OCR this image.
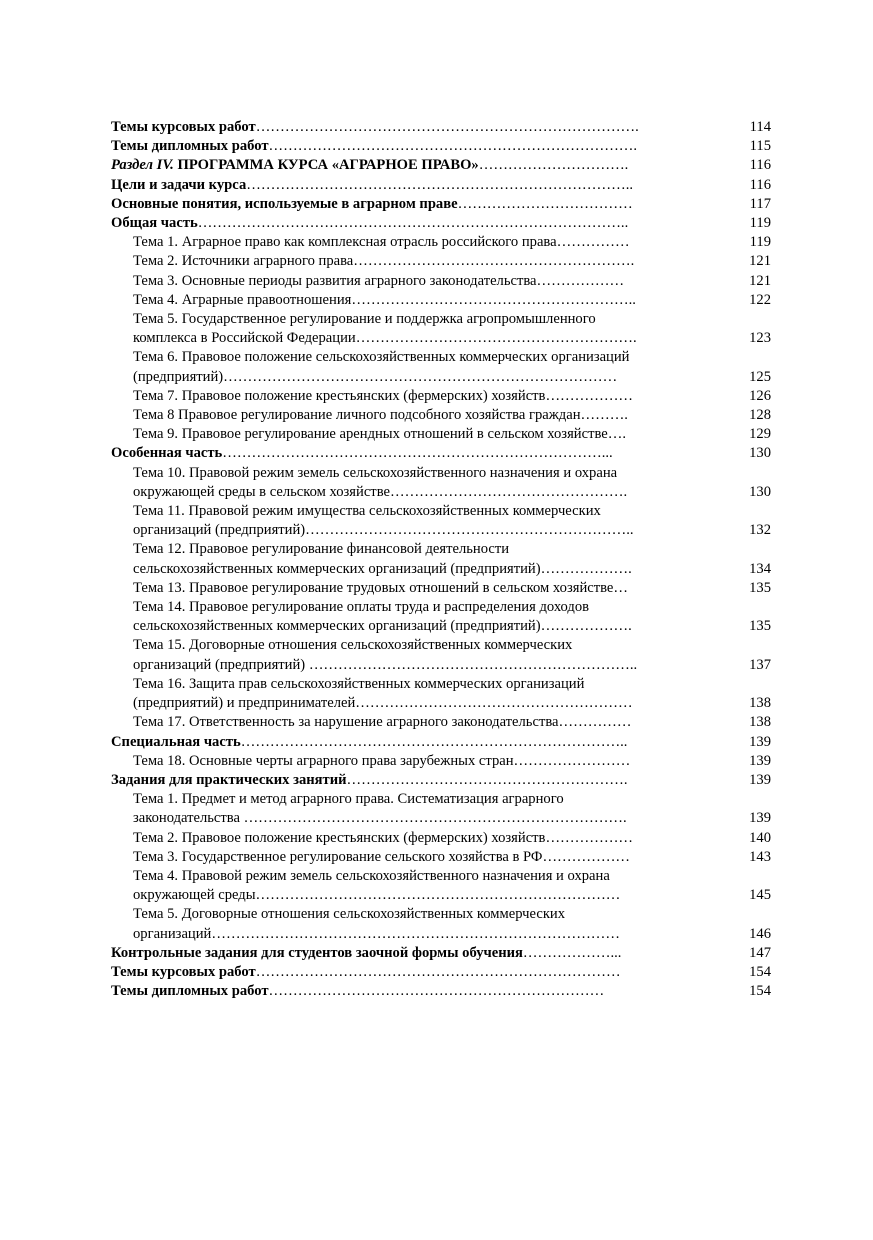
Темы курсовых работ…………………………………………………………………….	114
Темы дипломных работ………………………………………………………………….	115
Раздел IV. ПРОГРАММА КУРСА «АГРАРНОЕ ПРАВО»………………………….	116
Цели и задачи курса……………………………………………………………………..	116
Основные понятия, используемые в аграрном праве………………………………	117
Общая часть……………………………………………………………………………..	119
Тема 1. Аграрное право как комплексная отрасль российского права……………	119
Тема 2. Источники аграрного права………………………………………………….	121
Тема 3. Основные периоды развития аграрного законодательства………………	121
Тема 4. Аграрные правоотношения…………………………………………………..	122
Тема 5. Государственное регулирование и поддержка агропромышленного
комплекса в Российской Федерации………………………………………………….	123
Тема 6. Правовое положение сельскохозяйственных коммерческих организаций
(предприятий)………………………………………………………………………	125
Тема 7. Правовое положение крестьянских (фермерских) хозяйств………………	126
Тема 8 Правовое регулирование личного подсобного хозяйства граждан……….	128
Тема 9. Правовое регулирование арендных отношений в сельском хозяйстве….	129
Особенная часть……………………………………………………………………...	130
Тема 10. Правовой режим земель сельскохозяйственного назначения и охрана
окружающей среды в сельском хозяйстве………………………………………….	130
Тема 11. Правовой режим имущества сельскохозяйственных коммерческих
организаций (предприятий)…………………………………………………………..	132
Тема 12. Правовое регулирование финансовой деятельности
сельскохозяйственных коммерческих организаций (предприятий)……………….	134
Тема 13. Правовое регулирование трудовых отношений в сельском хозяйстве…	135
Тема 14. Правовое регулирование оплаты труда и распределения доходов
сельскохозяйственных коммерческих организаций (предприятий)……………….	135
Тема 15. Договорные отношения сельскохозяйственных коммерческих
организаций (предприятий) …………………………………………………………..	137
Тема 16. Защита прав сельскохозяйственных коммерческих организаций
(предприятий) и предпринимателей…………………………………………………	138
Тема 17. Ответственность за нарушение аграрного законодательства……………	138
Специальная часть……………………………………………………………………..	139
Тема 18. Основные черты аграрного права зарубежных стран……………………	139
Задания для практических занятий………………………………………………….	139
Тема 1. Предмет и метод аграрного права. Систематизация аграрного
законодательства …………………………………………………………………….	139
Тема 2. Правовое положение крестьянских (фермерских) хозяйств………………	140
Тема 3. Государственное регулирование сельского хозяйства в РФ………………	143
Тема 4. Правовой режим земель сельскохозяйственного назначения и охрана
окружающей среды…………………………………………………………………	145
Тема 5. Договорные отношения сельскохозяйственных коммерческих
организаций…………………………………………………………………………	146
Контрольные задания для студентов заочной формы обучения………………...	147
Темы курсовых работ…………………………………………………………………	154
Темы дипломных работ……………………………………………………………	154
